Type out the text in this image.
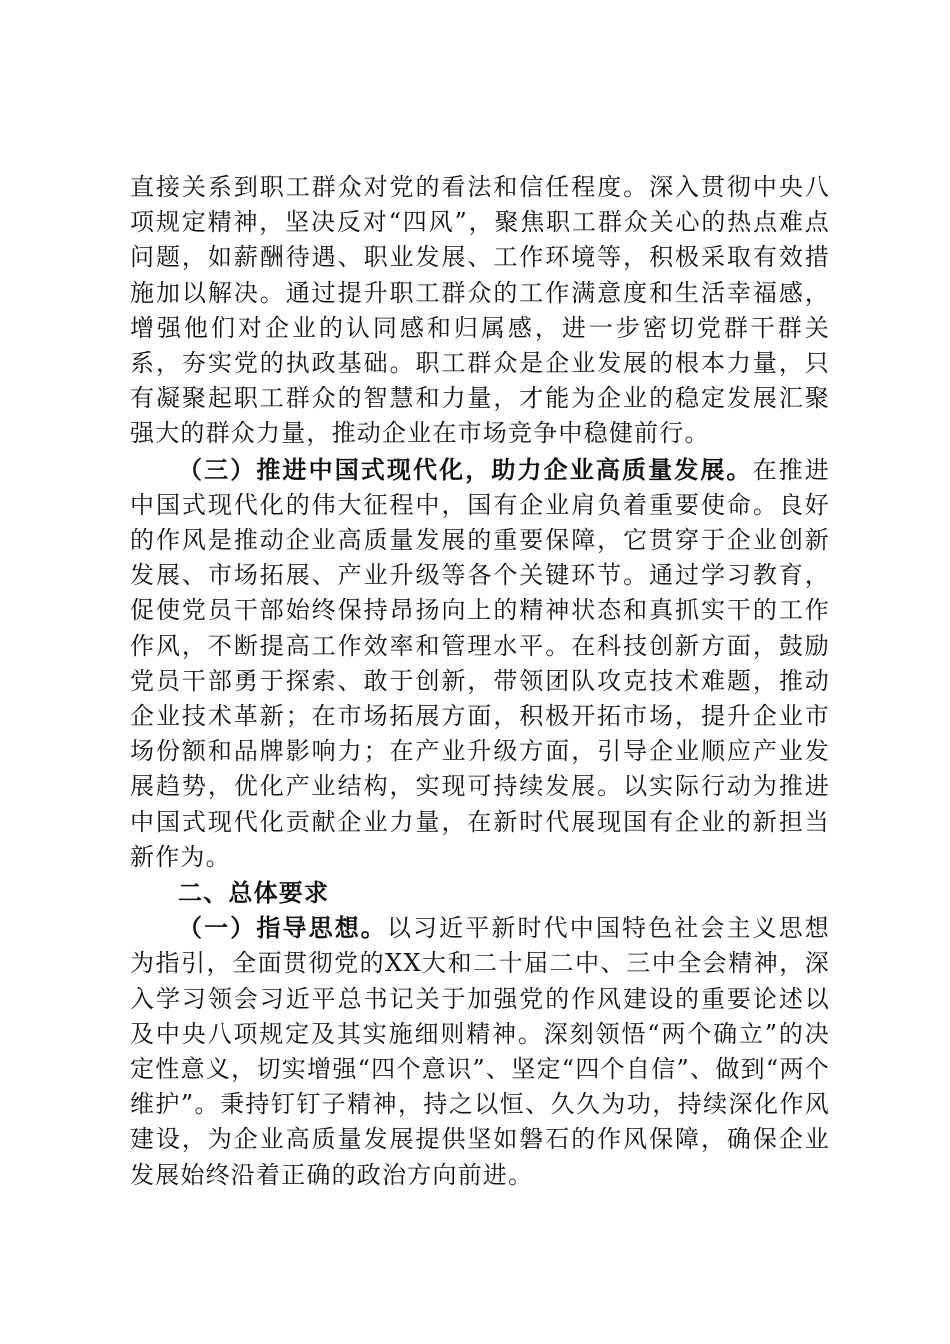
直接关系到职工群众对党的看法和信任程度。深入贯彻中央八项规定精神，坚决反对“四风”，聚焦职工群众关心的热点难点问题，如薪酬待遇、职业发展、工作环境等，积极采取有效措施加以解决。通过提升职工群众的工作满意度和生活幸福感，增强他们对企业的认同感和归属感，进一步密切党群干群关系，夯实党的执政基础。职工群众是企业发展的根本力量，只有凝聚起职工群众的智慧和力量，才能为企业的稳定发展汇聚强大的群众力量，推动企业在市场竞争中稳健前行。

（三）推进中国式现代化，助力企业高质量发展。在推进中国式现代化的伟大征程中，国有企业肩负着重要使命。良好的作风是推动企业高质量发展的重要保障，它贯穿于企业创新发展、市场拓展、产业升级等各个关键环节。通过学习教育，促使党员干部始终保持昂扬向上的精神状态和真抓实干的工作作风，不断提高工作效率和管理水平。在科技创新方面，鼓励党员干部勇于探索、敢于创新，带领团队攻克技术难题，推动企业技术革新；在市场拓展方面，积极开拓市场，提升企业市场份额和品牌影响力；在产业升级方面，引导企业顺应产业发展趋势，优化产业结构，实现可持续发展。以实际行动为推进中国式现代化贡献企业力量，在新时代展现国有企业的新担当新作为。

二、总体要求

（一）指导思想。以习近平新时代中国特色社会主义思想为指引，全面贯彻党的XX大和二十届二中、三中全会精神，深入学习领会习近平总书记关于加强党的作风建设的重要论述以及中央八项规定及其实施细则精神。深刻领悟“两个确立”的决定性意义，切实增强“四个意识”、坚定“四个自信”、做到“两个维护”。秉持钉钉子精神，持之以恒、久久为功，持续深化作风建设，为企业高质量发展提供坚如磐石的作风保障，确保企业发展始终沿着正确的政治方向前进。
